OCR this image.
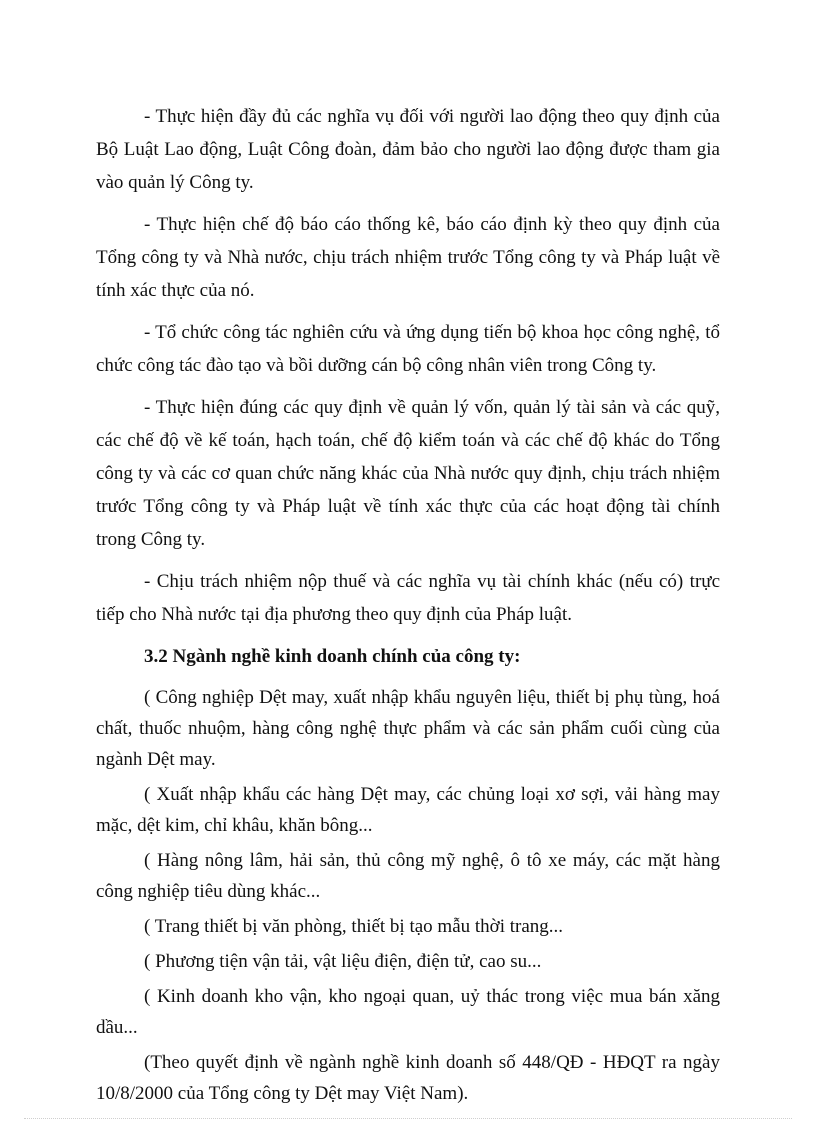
- Thực hiện đầy đủ các nghĩa vụ đối với người lao động theo quy định của Bộ Luật Lao động, Luật Công đoàn, đảm bảo cho người lao động được tham gia vào quản lý Công ty.

- Thực hiện chế độ báo cáo thống kê, báo cáo định kỳ theo quy định của Tổng công ty và Nhà nước, chịu trách nhiệm trước Tổng công ty và Pháp luật về tính xác thực của nó.

- Tổ chức công tác nghiên cứu và ứng dụng tiến bộ khoa học công nghệ, tổ chức công tác đào tạo và bồi dưỡng cán bộ công nhân viên trong Công ty.

- Thực hiện đúng các quy định về quản lý vốn, quản lý tài sản và các quỹ, các chế độ về kế toán, hạch toán, chế độ kiểm toán và các chế độ khác do Tổng công ty và các cơ quan chức năng khác của Nhà nước quy định, chịu trách nhiệm trước Tổng công ty và Pháp luật về tính xác thực của các hoạt động tài chính trong Công ty.

- Chịu trách nhiệm nộp thuế và các nghĩa vụ tài chính khác (nếu có) trực tiếp cho Nhà nước tại địa phương theo quy định của Pháp luật.

3.2 Ngành nghề kinh doanh chính của công ty:

( Công nghiệp Dệt may, xuất nhập khẩu nguyên liệu, thiết bị phụ tùng, hoá chất, thuốc nhuộm, hàng công nghệ thực phẩm và các sản phẩm cuối cùng của ngành Dệt may.

( Xuất nhập khẩu các hàng Dệt may, các chủng loại xơ sợi, vải hàng may mặc, dệt kim, chỉ khâu, khăn bông...

( Hàng nông lâm, hải sản, thủ công mỹ nghệ, ô tô xe máy, các mặt hàng công nghiệp tiêu dùng khác...

( Trang thiết bị văn phòng, thiết bị tạo mẫu thời trang...

( Phương tiện vận tải, vật liệu điện, điện tử, cao su...

( Kinh doanh kho vận, kho ngoại quan, uỷ thác trong việc mua bán xăng dầu...

(Theo quyết định về ngành nghề kinh doanh số 448/QĐ - HĐQT ra ngày 10/8/2000 của Tổng công ty Dệt may Việt Nam).
